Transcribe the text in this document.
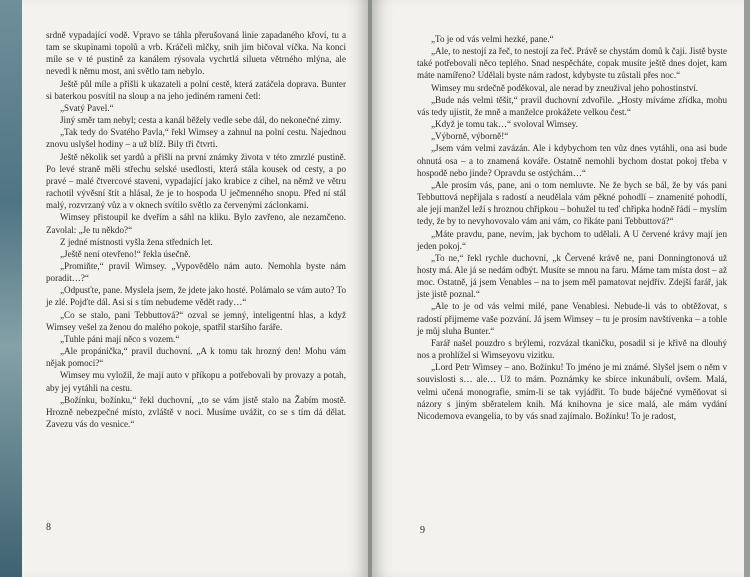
srdně vypadající vodě. Vpravo se táhla přerušovaná linie zapadaného křoví, tu a tam se skupinami topolů a vrb. Kráčeli mlčky, snih jim bičoval víčka. Na konci míle se v té pustině za kanálem rýsovala vychrtlá silueta větrného mlýna, ale nevedl k němu most, ani světlo tam nebylo.

Ještě půl míle a přišli k ukazateli a polní cestě, která zatáčela doprava. Bunter si baterkou posvítil na sloup a na jeho jediném rameni četl:

„Svatý Pavel.“

Jiný směr tam nebyl; cesta a kanál běžely vedle sebe dál, do nekonečné zimy.

„Tak tedy do Svatého Pavla,“ řekl Wimsey a zahnul na polní cestu. Najednou znovu uslyšel hodiny – a už blíž. Bily tři čtvrti.

Ještě několik set yardů a přišli na první známky života v této zmrzlé pustině. Po levé straně měli střechu selské usedlosti, která stála kousek od cesty, a po pravé – malé čtvercové staveni, vypadající jako krabice z cihel, na němž ve větru rachotil vývěsní štít a hlásal, že je to hospoda U ječmenného snopu. Před ní stál malý, rozvrzaný vůz a v oknech svítilo světlo za červenými záclonkami.

Wimsey přistoupil ke dveřím a sáhl na kliku. Bylo zavřeno, ale nezamčeno. Zavolal: „Je tu někdo?“

Z jedné místnosti vyšla žena středních let.

„Ještě není otevřeno!“ řekla úsečně.

„Promiňte,“ pravil Wimsey. „Vypovědělo nám auto. Nemohla byste nám poradit…?“

„Odpusťte, pane. Myslela jsem, že jdete jako hosté. Polámalo se vám auto? To je zlé. Pojďte dál. Asi si s tím nebudeme vědět rady…“

„Co se stalo, pani Tebbuttová?“ ozval se jemný, inteligentní hlas, a když Wimsey vešel za ženou do malého pokoje, spatřil staršího faráře.

„Tuhle páni mají něco s vozem.“

„Ale propánička,“ pravil duchovní. „A k tomu tak hrozný den! Mohu vám nějak pomoci?“

Wimsey mu vyložil, že mají auto v příkopu a potřebovali by provazy a potah, aby jej vytáhli na cestu.

„Božínku, božínku,“ řekl duchovní, „to se vám jistě stalo na Žabím mostě. Hrozně nebezpečné místo, zvláště v noci. Musíme uvážit, co se s tím dá dělat. Zavezu vás do vesnice.“

8

„To je od vás velmi hezké, pane.“

„Ale, to nestojí za řeč, to nestojí za řeč. Právě se chystám domů k čaji. Jistě byste také potřebovali něco teplého. Snad nespěcháte, copak musíte ještě dnes dojet, kam máte namířeno? Udělali byste nám radost, kdybyste tu zůstali přes noc.“

Wimsey mu srdečně poděkoval, ale nerad by zneužival jeho pohostinství.

„Bude nás velmi těšit,“ pravil duchovní zdvořile. „Hosty míváme zřídka, mohu vás tedy ujistit, že mně a manželce prokážete velkou čest.“

„Když je tomu tak…“ svoloval Wimsey.

„Výborně, výborně!“

„Jsem vám velmi zavázán. Ale i kdybychom ten vůz dnes vytáhli, ona asi bude ohnutá osa – a to znamená kováře. Ostatně nemohli bychom dostat pokoj třeba v hospodě nebo jinde? Opravdu se ostýchám…“

„Ale prosím vás, pane, ani o tom nemluvte. Ne že bych se bál, že by vás pani Tebbuttová nepřijala s radostí a neudělala vám pěkné pohodlí – znamenité pohodlí, ale její manžel leží s hroznou chřipkou – bohužel tu teď chřipka hodně řádí – myslím tedy, že by to nevyhovovalo vám ani vám, co říkáte pani Tebbuttová?“

„Máte pravdu, pane, nevím, jak bychom to udělali. A U červené krávy mají jen jeden pokoj.“

„To ne,“ řekl rychle duchovní, „k Červené krávě ne, pani Donningtonová už hosty má. Ale já se nedám odbýt. Musíte se mnou na faru. Máme tam místa dost – až moc. Ostatně, já jsem Venables – na to jsem měl pamatovat nejdřív. Zdejší farář, jak jste jistě poznal.“

„Ale to je od vás velmi milé, pane Venablesi. Nebude-li vás to obtěžovat, s radostí přijmeme vaše pozvání. Já jsem Wimsey – tu je prosím navštívenka – a tohle je můj sluha Bunter.“

Farář našel pouzdro s brýlemi, rozvázal tkaničku, posadil si je křivě na dlouhý nos a prohlížel si Wimseyovu vizitku.

„Lord Petr Wimsey – ano. Božínku! To jméno je mi známé. Slyšel jsem o něm v souvislosti s… ale… Už to mám. Poznámky ke sbírce inkunábulí, ovšem. Malá, velmi učená monografie, smím-li se tak vyjádřit. To bude báječné vyměňovat si názory s jiným sběratelem knih. Má knihovna je sice malá, ale mám vydání Nicodemova evangelia, to by vás snad zajímalo. Božínku! To je radost,

9
